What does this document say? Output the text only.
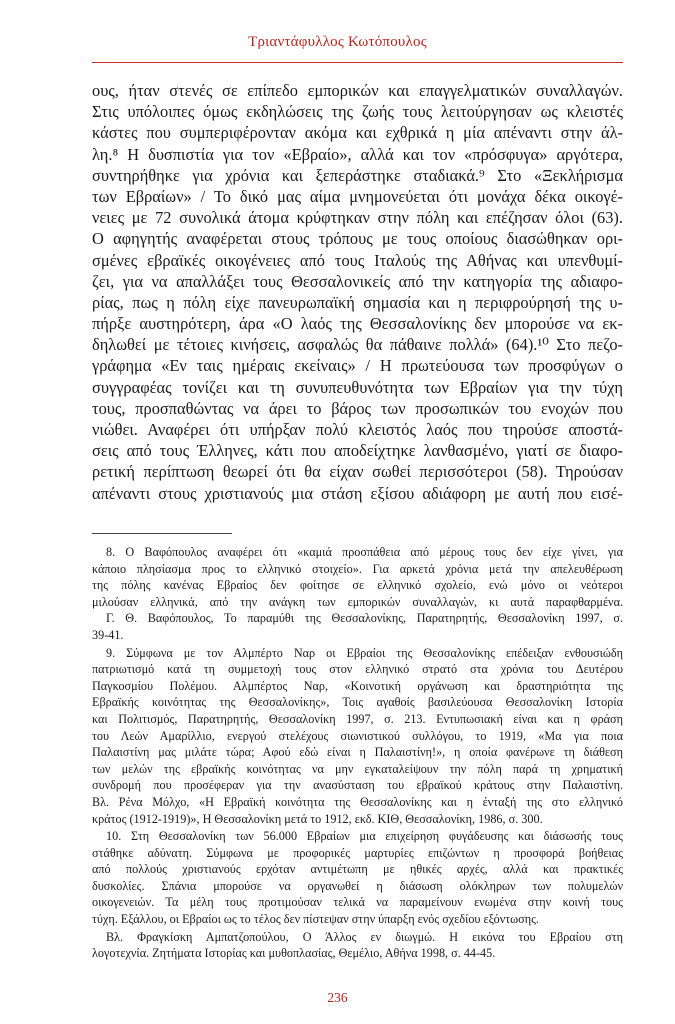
Τριαντάφυλλος Κωτόπουλος
ους, ήταν στενές σε επίπεδο εμπορικών και επαγγελματικών συναλλαγών.
Στις υπόλοιπες όμως εκδηλώσεις της ζωής τους λειτούργησαν ως κλειστές
κάστες που συμπεριφέρονταν ακόμα και εχθρικά η μία απέναντι στην άλ-
λη.⁸ Η δυσπιστία για τον «Εβραίο», αλλά και τον «πρόσφυγα» αργότερα,
συντηρήθηκε για χρόνια και ξεπεράστηκε σταδιακά.⁹ Στο «Ξεκλήρισμα
των Εβραίων» / Το δικό μας αίμα μνημονεύεται ότι μονάχα δέκα οικογέ-
νειες με 72 συνολικά άτομα κρύφτηκαν στην πόλη και επέζησαν όλοι (63).
Ο αφηγητής αναφέρεται στους τρόπους με τους οποίους διασώθηκαν ορι-
σμένες εβραϊκές οικογένειες από τους Ιταλούς της Αθήνας και υπενθυμί-
ζει, για να απαλλάξει τους Θεσσαλονικείς από την κατηγορία της αδιαφο-
ρίας, πως η πόλη είχε πανευρωπαϊκή σημασία και η περιφρούρησή της υ-
πήρξε αυστηρότερη, άρα «Ο λαός της Θεσσαλονίκης δεν μπορούσε να εκ-
δηλωθεί με τέτοιες κινήσεις, ασφαλώς θα πάθαινε πολλά» (64).¹⁰ Στο πεζο-
γράφημα «Εν ταις ημέραις εκείναις» / Η πρωτεύουσα των προσφύγων ο
συγγραφέας τονίζει και τη συνυπευθυνότητα των Εβραίων για την τύχη
τους, προσπαθώντας να άρει το βάρος των προσωπικών του ενοχών που
νιώθει. Αναφέρει ότι υπήρξαν πολύ κλειστός λαός που τηρούσε αποστά-
σεις από τους Έλληνες, κάτι που αποδείχτηκε λανθασμένο, γιατί σε διαφο-
ρετική περίπτωση θεωρεί ότι θα είχαν σωθεί περισσότεροι (58). Τηρούσαν
απέναντι στους χριστιανούς μια στάση εξίσου αδιάφορη με αυτή που εισέ-
8. Ο Βαφόπουλος αναφέρει ότι «καμιά προσπάθεια από μέρους τους δεν είχε γίνει, για
κάποιο πλησίασμα προς το ελληνικό στοιχείο». Για αρκετά χρόνια μετά την απελευθέρωση
της πόλης κανένας Εβραίος δεν φοίτησε σε ελληνικό σχολείο, ενώ μόνο οι νεότεροι
μιλούσαν ελληνικά, από την ανάγκη των εμπορικών συναλλαγών, κι αυτά παραφθαρμένα.
Γ. Θ. Βαφόπουλος, Το παραμύθι της Θεσσαλονίκης, Παρατηρητής, Θεσσαλονίκη 1997, σ.
39-41.
9. Σύμφωνα με τον Αλμπέρτο Ναρ οι Εβραίοι της Θεσσαλονίκης επέδειξαν ενθουσιώδη
πατριωτισμό κατά τη συμμετοχή τους στον ελληνικό στρατό στα χρόνια του Δευτέρου
Παγκοσμίου Πολέμου. Αλμπέρτος Ναρ, «Κοινοτική οργάνωση και δραστηριότητα της
Εβραϊκής κοινότητας της Θεσσαλονίκης», Τοις αγαθοίς βασιλεύουσα Θεσσαλονίκη Ιστορία
και Πολιτισμός, Παρατηρητής, Θεσσαλονίκη 1997, σ. 213. Εντυπωσιακή είναι και η φράση
του Λεών Αμαρίλλιο, ενεργού στελέχους σιωνιστικού συλλόγου, το 1919, «Μα για ποια
Παλαιστίνη μας μιλάτε τώρα; Αφού εδώ είναι η Παλαιστίνη!», η οποία φανέρωνε τη διάθεση
των μελών της εβραϊκής κοινότητας να μην εγκαταλείψουν την πόλη παρά τη χρηματική
συνδρομή που προσέφεραν για την ανασύσταση του εβραϊκού κράτους στην Παλαιστίνη.
Βλ. Ρένα Μόλχο, «Η Εβραϊκή κοινότητα της Θεσσαλονίκης και η ένταξή της στο ελληνικό
κράτος (1912-1919)», Η Θεσσαλονίκη μετά το 1912, εκδ. ΚΙΘ, Θεσσαλονίκη, 1986, σ. 300.
10. Στη Θεσσαλονίκη των 56.000 Εβραίων μια επιχείρηση φυγάδευσης και διάσωσής τους
στάθηκε αδύνατη. Σύμφωνα με προφορικές μαρτυρίες επιζώντων η προσφορά βοήθειας
από πολλούς χριστιανούς ερχόταν αντιμέτωπη με ηθικές αρχές, αλλά και πρακτικές
δυσκολίες. Σπάνια μπορούσε να οργανωθεί η διάσωση ολόκληρων των πολυμελών
οικογενειών. Τα μέλη τους προτιμούσαν τελικά να παραμείνουν ενωμένα στην κοινή τους
τύχη. Εξάλλου, οι Εβραίοι ως το τέλος δεν πίστεψαν στην ύπαρξη ενός σχεδίου εξόντωσης.
Βλ. Φραγκίσκη Αμπατζοπούλου, Ο Άλλος εν διωγμώ. Η εικόνα του Εβραίου στη
λογοτεχνία. Ζητήματα Ιστορίας και μυθοπλασίας, Θεμέλιο, Αθήνα 1998, σ. 44-45.
236
